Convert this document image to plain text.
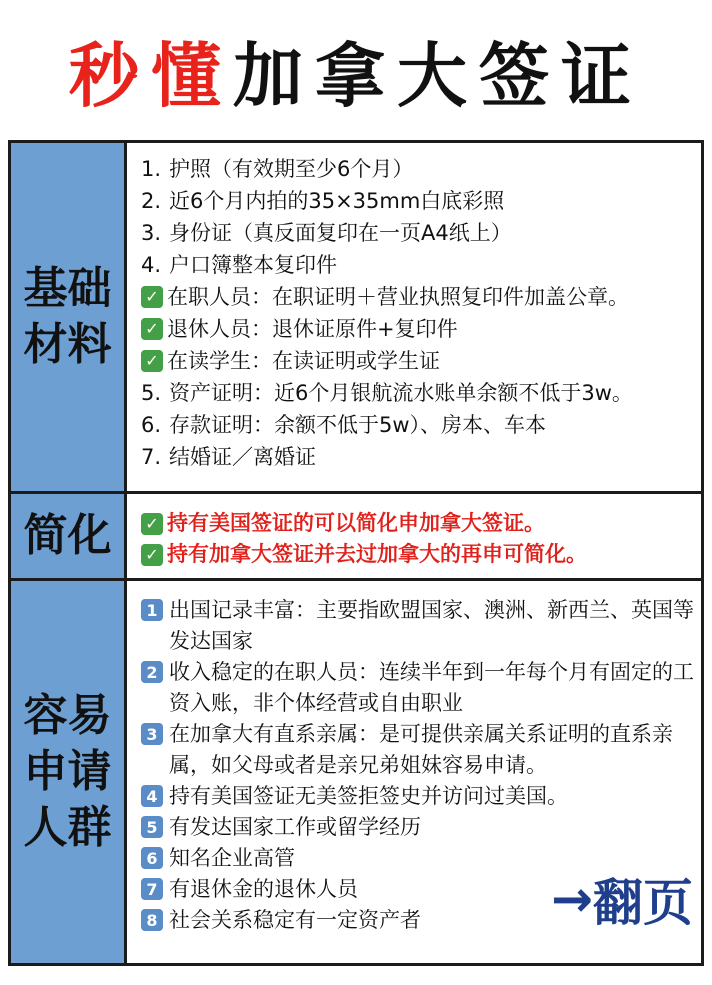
秒懂 加拿大签证
基础材料
1. 护照（有效期至少6个月）
2. 近6个月内拍的35×35mm白底彩照
3. 身份证（真反面复印在一页A4纸上）
4. 户口簿整本复印件
✓ 在职人员：在职证明＋营业执照复印件加盖公章。
✓ 退休人员：退休证原件+复印件
✓ 在读学生：在读证明或学生证
5. 资产证明：近6个月银航流水账单余额不低于3w。
6. 存款证明：余额不低于5w）、房本、车本
7. 结婚证／离婚证
简化 ✓ 持有美国签证的可以简化申加拿大签证。
✓ 持有加拿大签证并去过加拿大的再申可简化。
容易申请人群
1 出国记录丰富：主要指欧盟国家、澳洲、新西兰、英国等发达国家
2 收入稳定的在职人员：连续半年到一年每个月有固定的工资入账，非个体经营或自由职业
3 在加拿大有直系亲属：是可提供亲属关系证明的直系亲属，如父母或者是亲兄弟姐妹容易申请。
4 持有美国签证无美签拒签史并访问过美国。
5 有发达国家工作或留学经历
6 知名企业高管
7 有退休金的退休人员
8 社会关系稳定有一定资产者	→ 翻页
